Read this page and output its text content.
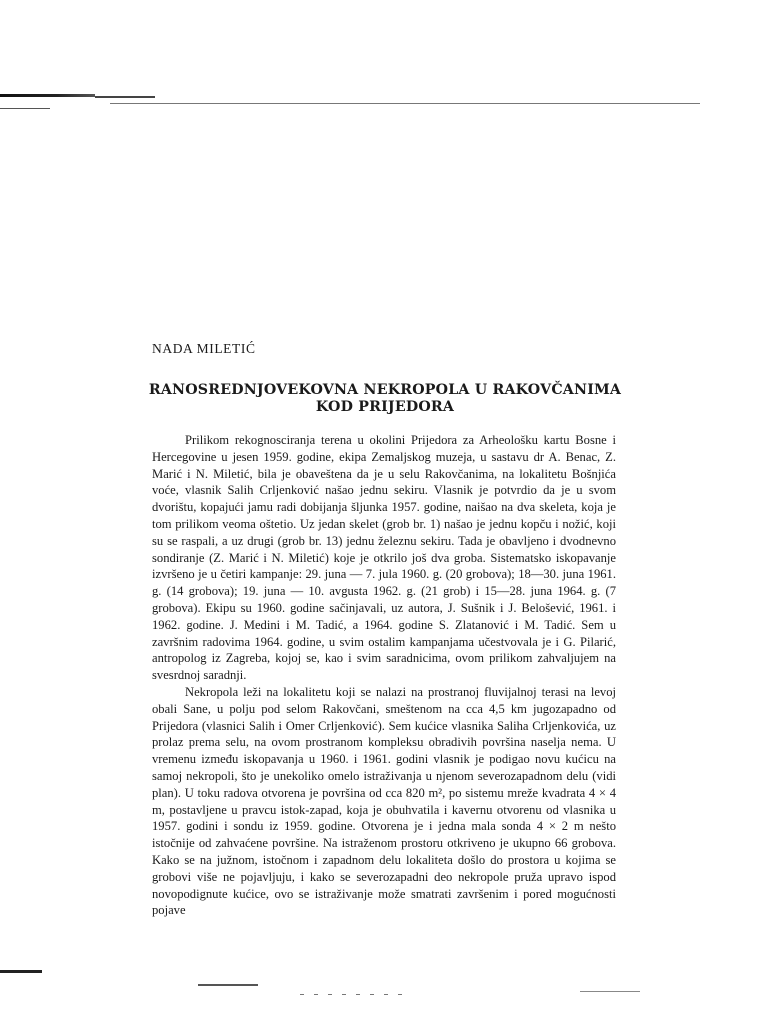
NADA MILETIĆ
RANOSREDNJOVEKOVNA NEKROPOLA U RAKOVČANIMA
KOD PRIJEDORA

Prilikom rekognosciranja terena u okolini Prijedora za Arheološku kartu Bosne i Hercegovine u jesen 1959. godine, ekipa Zemaljskog muzeja, u sastavu dr A. Benac, Z. Marić i N. Miletić, bila je obaveštena da je u selu Rakovčanima, na lokalitetu Bošnjića voće, vlasnik Salih Crljenković našao jednu sekiru. Vlasnik je potvrdio da je u svom dvorištu, kopajući jamu radi dobijanja šljunka 1957. godine, naišao na dva skeleta, koja je tom prilikom veoma oštetio. Uz jedan skelet (grob br. 1) našao je jednu kopču i nožić, koji su se raspali, a uz drugi (grob br. 13) jednu železnu sekiru. Tada je obavljeno i dvodnevno sondiranje (Z. Marić i N. Miletić) koje je otkrilo još dva groba. Sistematsko iskopavanje izvršeno je u četiri kampanje: 29. juna — 7. jula 1960. g. (20 grobova); 18—30. juna 1961. g. (14 grobova); 19. juna — 10. avgusta 1962. g. (21 grob) i 15—28. juna 1964. g. (7 grobova). Ekipu su 1960. godine sačinjavali, uz autora, J. Sušnik i J. Belošević, 1961. i 1962. godine. J. Medini i M. Tadić, a 1964. godine S. Zlatanović i M. Tadić. Sem u završnim radovima 1964. godine, u svim ostalim kampanjama učestvovala je i G. Pilarić, antropolog iz Zagreba, kojoj se, kao i svim saradnicima, ovom prilikom zahvaljujem na svesrdnoj saradnji.

Nekropola leži na lokalitetu koji se nalazi na prostranoj fluvijalnoj terasi na levoj obali Sane, u polju pod selom Rakovčani, smeštenom na cca 4,5 km jugozapadno od Prijedora (vlasnici Salih i Omer Crljenković). Sem kućice vlasnika Saliha Crljenkovića, uz prolaz prema selu, na ovom prostranom kompleksu obradivih površina naselja nema. U vremenu između iskopavanja u 1960. i 1961. godini vlasnik je podigao novu kućicu na samoj nekropoli, što je unekoliko omelo istraživanja u njenom severozapadnom delu (vidi plan). U toku radova otvorena je površina od cca 820 m², po sistemu mreže kvadrata 4 × 4 m, postavljene u pravcu istok-zapad, koja je obuhvatila i kavernu otvorenu od vlasnika u 1957. godini i sondu iz 1959. godine. Otvorena je i jedna mala sonda 4 × 2 m nešto istočnije od zahvaćene površine. Na istraženom prostoru otkriveno je ukupno 66 grobova. Kako se na južnom, istočnom i zapadnom delu lokaliteta došlo do prostora u kojima se grobovi više ne pojavljuju, i kako se severozapadni deo nekropole pruža upravo ispod novopodignute kućice, ovo se istraživanje može smatrati završenim i pored mogućnosti pojave
